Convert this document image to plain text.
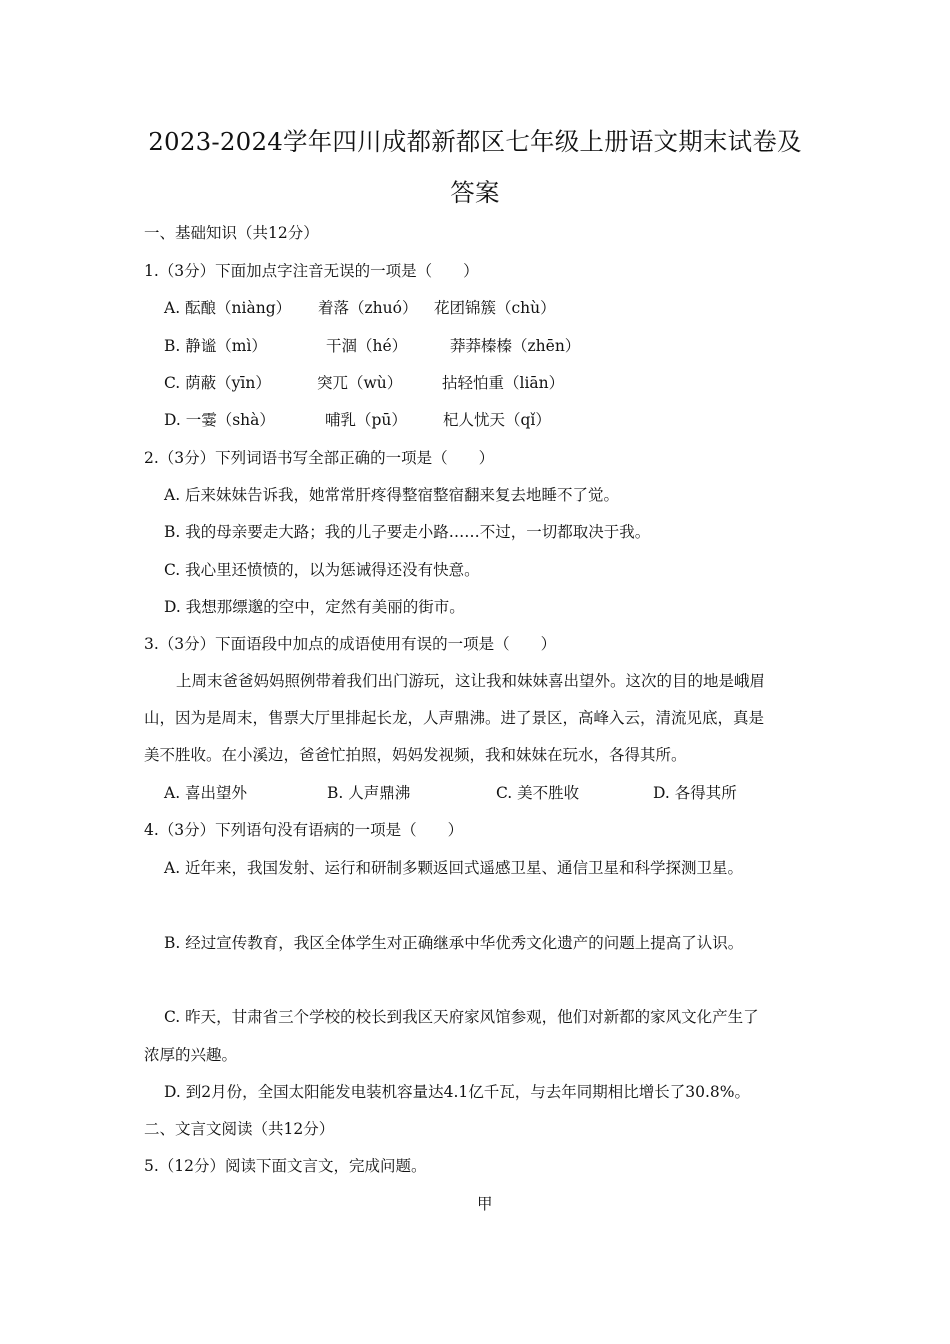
2023-2024学年四川成都新都区七年级上册语文期末试卷及
答案
一、基础知识（共12分）
1.（3分）下面加点字注音无误的一项是（　　）
A. 酝酿（niàng） 着落（zhuó） 花团锦簇（chù）
B. 静谧（mì）	干涸（hé）	莽莽榛榛（zhēn）
C. 荫蔽（yīn）	突兀（wù）	拈轻怕重（liān）
D. 一霎（shà）	哺乳（pū） 杞人忧天（qǐ）
2.（3分）下列词语书写全部正确的一项是（　　）
A. 后来妹妹告诉我，她常常肝疼得整宿整宿翻来复去地睡不了觉。
B. 我的母亲要走大路；我的儿子要走小路……不过，一切都取决于我。
C. 我心里还愤愤的，以为惩诫得还没有快意。
D. 我想那缥邈的空中，定然有美丽的街市。
3.（3分）下面语段中加点的成语使用有误的一项是（　　）
上周末爸爸妈妈照例带着我们出门游玩，这让我和妹妹喜出望外。这次的目的地是峨眉
山，因为是周末，售票大厅里排起长龙，人声鼎沸。进了景区，高峰入云，清流见底，真是
美不胜收。在小溪边，爸爸忙拍照，妈妈发视频，我和妹妹在玩水，各得其所。
A. 喜出望外	B. 人声鼎沸	C. 美不胜收	D. 各得其所
4.（3分）下列语句没有语病的一项是（　　）
A. 近年来，我国发射、运行和研制多颗返回式遥感卫星、通信卫星和科学探测卫星。
B. 经过宣传教育，我区全体学生对正确继承中华优秀文化遗产的问题上提高了认识。
C. 昨天，甘肃省三个学校的校长到我区天府家风馆参观，他们对新都的家风文化产生了
浓厚的兴趣。
D. 到2月份，全国太阳能发电装机容量达4.1亿千瓦，与去年同期相比增长了30.8%。
二、文言文阅读（共12分）
5.（12分）阅读下面文言文，完成问题。
甲
